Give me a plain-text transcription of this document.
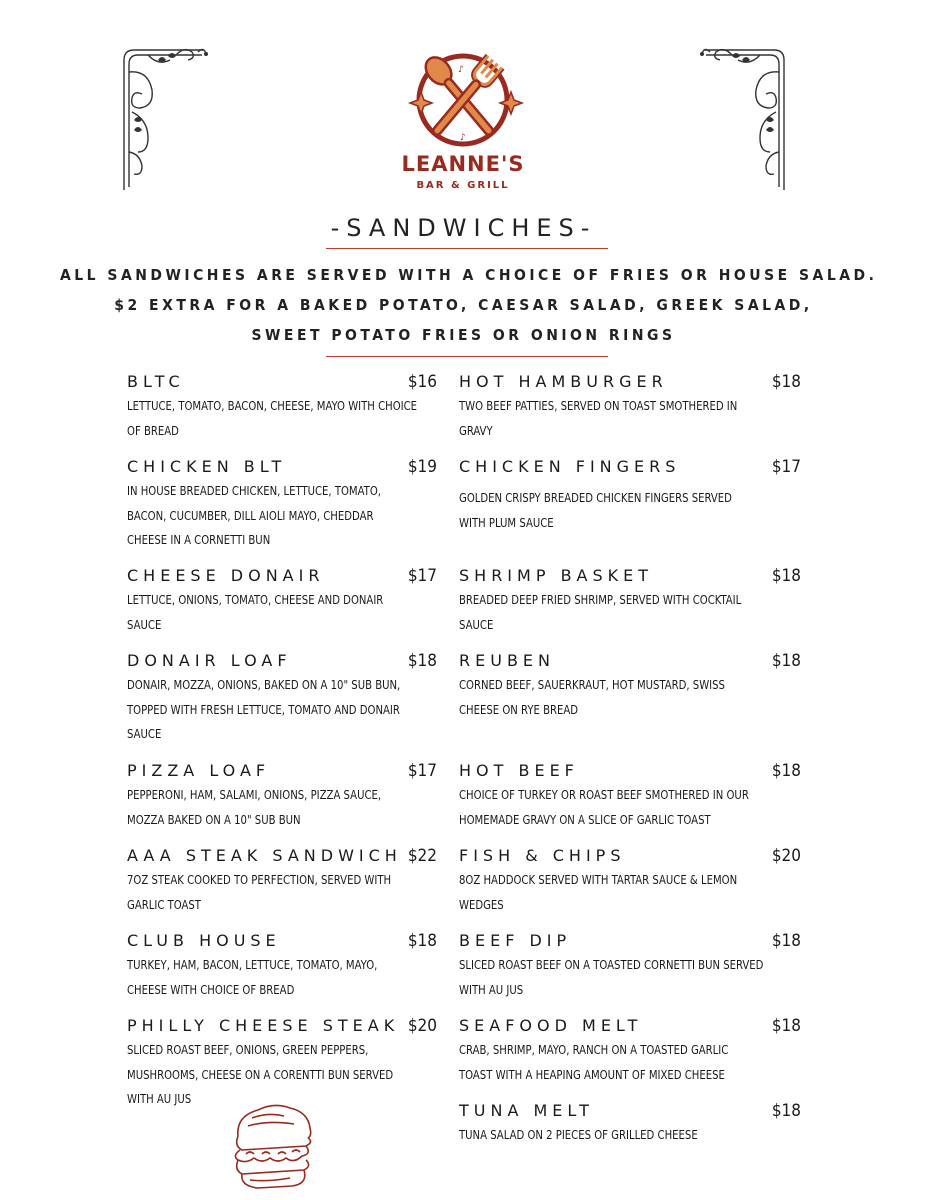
♪
♪
LEANNE'S
BAR & GRILL
-SANDWICHES-
ALL SANDWICHES ARE SERVED WITH A CHOICE OF FRIES OR HOUSE SALAD.
$2 EXTRA FOR A BAKED POTATO, CAESAR SALAD, GREEK SALAD,
SWEET POTATO FRIES OR ONION RINGS
BLTC	$16
LETTUCE, TOMATO, BACON, CHEESE, MAYO WITH CHOICE
OF BREAD
CHICKEN BLT	$19
IN HOUSE BREADED CHICKEN, LETTUCE, TOMATO,
BACON, CUCUMBER, DILL AIOLI MAYO, CHEDDAR
CHEESE IN A CORNETTI BUN
CHEESE DONAIR	$17
LETTUCE, ONIONS, TOMATO, CHEESE AND DONAIR
SAUCE
DONAIR LOAF	$18
DONAIR, MOZZA, ONIONS, BAKED ON A 10" SUB BUN,
TOPPED WITH FRESH LETTUCE, TOMATO AND DONAIR
SAUCE
PIZZA LOAF	$17
PEPPERONI, HAM, SALAMI, ONIONS, PIZZA SAUCE,
MOZZA BAKED ON A 10" SUB BUN
AAA STEAK SANDWICH $22
7OZ STEAK COOKED TO PERFECTION, SERVED WITH
GARLIC TOAST
CLUB HOUSE	$18
TURKEY, HAM, BACON, LETTUCE, TOMATO, MAYO,
CHEESE WITH CHOICE OF BREAD
PHILLY CHEESE STEAK $20
SLICED ROAST BEEF, ONIONS, GREEN PEPPERS,
MUSHROOMS, CHEESE ON A CORENTTI BUN SERVED
WITH AU JUS
HOT HAMBURGER	$18
TWO BEEF PATTIES, SERVED ON TOAST SMOTHERED IN
GRAVY
CHICKEN FINGERS	$17
GOLDEN CRISPY BREADED CHICKEN FINGERS SERVED
WITH PLUM SAUCE
SHRIMP BASKET	$18
BREADED DEEP FRIED SHRIMP, SERVED WITH COCKTAIL
SAUCE
REUBEN	$18
CORNED BEEF, SAUERKRAUT, HOT MUSTARD, SWISS
CHEESE ON RYE BREAD
HOT BEEF	$18
CHOICE OF TURKEY OR ROAST BEEF SMOTHERED IN OUR
HOMEMADE GRAVY ON A SLICE OF GARLIC TOAST
FISH & CHIPS	$20
8OZ HADDOCK SERVED WITH TARTAR SAUCE & LEMON
WEDGES
BEEF DIP	$18
SLICED ROAST BEEF ON A TOASTED CORNETTI BUN SERVED
WITH AU JUS
SEAFOOD MELT	$18
CRAB, SHRIMP, MAYO, RANCH ON A TOASTED GARLIC
TOAST WITH A HEAPING AMOUNT OF MIXED CHEESE
TUNA MELT	$18
TUNA SALAD ON 2 PIECES OF GRILLED CHEESE
